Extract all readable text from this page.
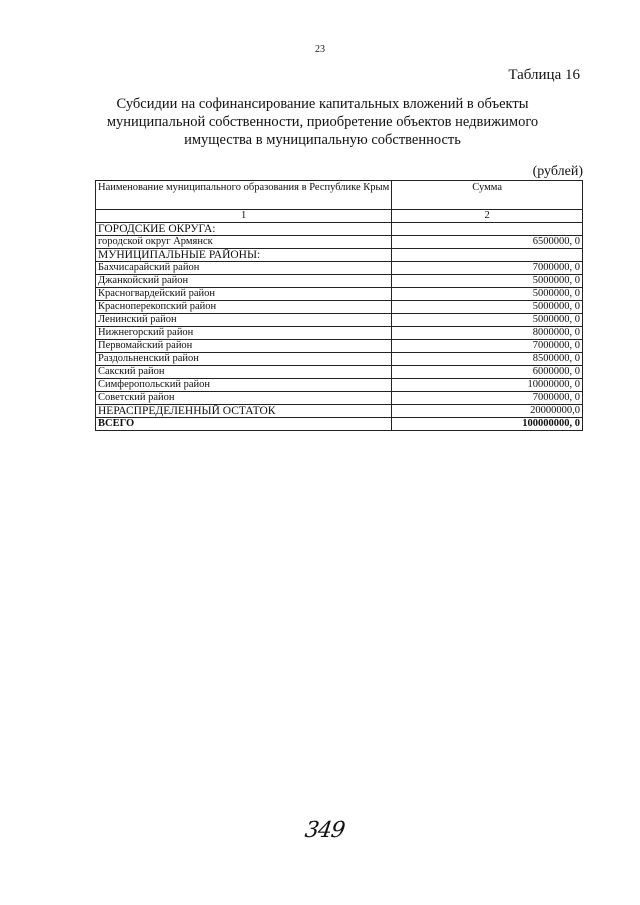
23
Таблица 16
Субсидии на софинансирование капитальных вложений в объекты муниципальной собственности, приобретение объектов недвижимого имущества в муниципальную собственность
(рублей)
Наименование муниципального образования в Республике Крым	Сумма
1	2
ГОРОДСКИЕ ОКРУГА:	
городской округ Армянск	6500000, 0
МУНИЦИПАЛЬНЫЕ РАЙОНЫ:	
Бахчисарайский район	7000000, 0
Джанкойский район	5000000, 0
Красногвардейский район	5000000, 0
Красноперекопский район	5000000, 0
Ленинский район	5000000, 0
Нижнегорский район	8000000, 0
Первомайский район	7000000, 0
Раздольненский район	8500000, 0
Сакский район	6000000, 0
Симферопольский район	10000000, 0
Советский район	7000000, 0
НЕРАСПРЕДЕЛЕННЫЙ ОСТАТОК	20000000,0
ВСЕГО	100000000, 0
349
